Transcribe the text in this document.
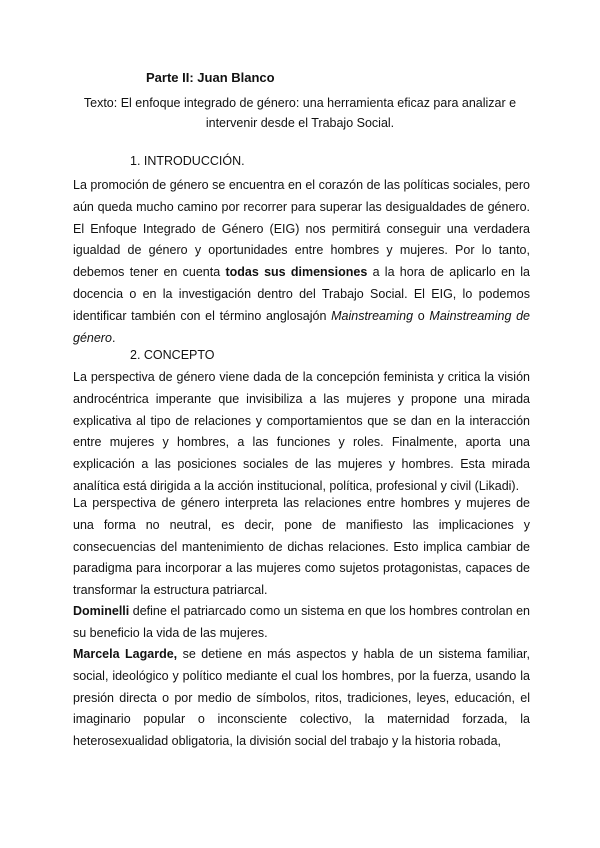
Parte II: Juan Blanco

Texto: El enfoque integrado de género: una herramienta eficaz para analizar e intervenir desde el Trabajo Social.

1. INTRODUCCIÓN.

La promoción de género se encuentra en el corazón de las políticas sociales, pero aún queda mucho camino por recorrer para superar las desigualdades de género. El Enfoque Integrado de Género (EIG) nos permitirá conseguir una verdadera igualdad de género y oportunidades entre hombres y mujeres. Por lo tanto, debemos tener en cuenta todas sus dimensiones a la hora de aplicarlo en la docencia o en la investigación dentro del Trabajo Social. El EIG, lo podemos identificar también con el término anglosajón Mainstreaming o Mainstreaming de género.

2. CONCEPTO

La perspectiva de género viene dada de la concepción feminista y critica la visión androcéntrica imperante que invisibiliza a las mujeres y propone una mirada explicativa al tipo de relaciones y comportamientos que se dan en la interacción entre mujeres y hombres, a las funciones y roles. Finalmente, aporta una explicación a las posiciones sociales de las mujeres y hombres. Esta mirada analítica está dirigida a la acción institucional, política, profesional y civil (Likadi).

La perspectiva de género interpreta las relaciones entre hombres y mujeres de una forma no neutral, es decir, pone de manifiesto las implicaciones y consecuencias del mantenimiento de dichas relaciones. Esto implica cambiar de paradigma para incorporar a las mujeres como sujetos protagonistas, capaces de transformar la estructura patriarcal.

Dominelli define el patriarcado como un sistema en que los hombres controlan en su beneficio la vida de las mujeres.

Marcela Lagarde, se detiene en más aspectos y habla de un sistema familiar, social, ideológico y político mediante el cual los hombres, por la fuerza, usando la presión directa o por medio de símbolos, ritos, tradiciones, leyes, educación, el imaginario popular o inconsciente colectivo, la maternidad forzada, la heterosexualidad obligatoria, la división social del trabajo y la historia robada,
